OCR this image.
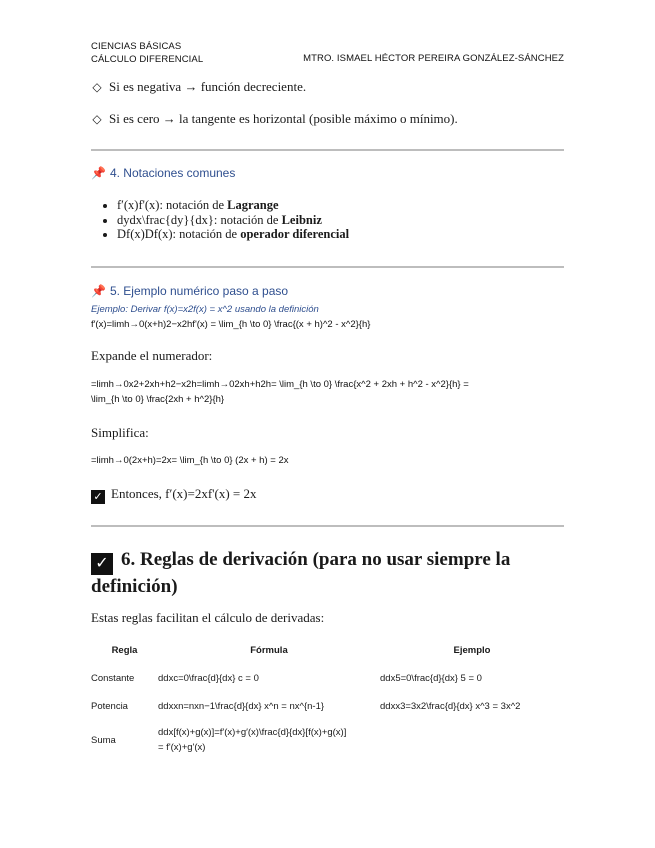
CIENCIAS BÁSICAS
CÁLCULO DIFERENCIAL	MTRO. ISMAEL HÉCTOR PEREIRA GONZÁLEZ-SÁNCHEZ
◇ Si es negativa → función decreciente.
◇ Si es cero → la tangente es horizontal (posible máximo o mínimo).
📌 4. Notaciones comunes
• f′(x)f'(x): notación de Lagrange
• dydx\frac{dy}{dx}: notación de Leibniz
• Df(x)Df(x): notación de operador diferencial
📌 5. Ejemplo numérico paso a paso
Ejemplo: Derivar f(x)=x2f(x) = x^2 usando la definición
f′(x)=lim⁡h→0(x+h)2−x2hf'(x) = \lim_{h \to 0} \frac{(x + h)^2 - x^2}{h}
Expande el numerador:
=lim⁡h→0x2+2xh+h2−x2h=lim⁡h→02xh+h2h= \lim_{h \to 0} \frac{x^2 + 2xh + h^2 - x^2}{h} =
\lim_{h \to 0} \frac{2xh + h^2}{h}
Simplifica:
=lim⁡h→0(2x+h)=2x= \lim_{h \to 0} (2x + h) = 2x
✓ Entonces, f′(x)=2xf'(x) = 2x
✓ 6. Reglas de derivación (para no usar siempre la definición)
Estas reglas facilitan el cálculo de derivadas:
Regla	Fórmula	Ejemplo
Constante	ddxc=0\frac{d}{dx} c = 0	ddx5=0\frac{d}{dx} 5 = 0
Potencia	ddxxn=nxn−1\frac{d}{dx} x^n = nx^{n-1}	ddxx3=3x2\frac{d}{dx} x^3 = 3x^2
Suma	ddx[f(x)+g(x)]=f′(x)+g′(x)\frac{d}{dx}[f(x)+g(x)]
= f'(x)+g'(x)	
